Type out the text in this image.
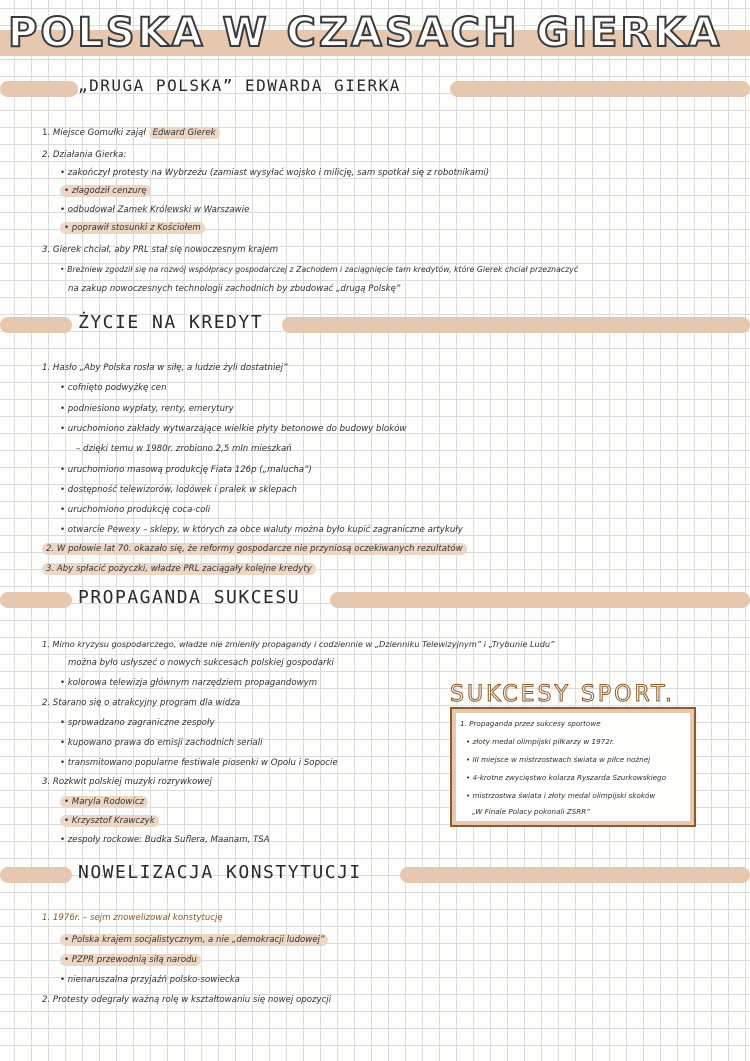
POLSKA W CZASACH GIERKA
„DRUGA POLSKA” EDWARDA GIERKA
1. Miejsce Gomułki zajął Edward Gierek
2. Działania Gierka:
• zakończył protesty na Wybrzeżu (zamiast wysyłać wojsko i milicję, sam spotkał się z robotnikami)
• złagodził cenzurę
• odbudował Zamek Królewski w Warszawie
• poprawił stosunki z Kościołem
3. Gierek chciał, aby PRL stał się nowoczesnym krajem
• Breżniew zgodził się na rozwój współpracy gospodarczej z Zachodem i zaciągnięcie tam kredytów, które Gierek chciał przeznaczyć
na zakup nowoczesnych technologii zachodnich by zbudować „drugą Polskę”
ŻYCIE NA KREDYT
1. Hasło „Aby Polska rosła w siłę, a ludzie żyli dostatniej”
• cofnięto podwyżkę cen
• podniesiono wypłaty, renty, emerytury
• uruchomiono zakłady wytwarzające wielkie płyty betonowe do budowy bloków
– dzięki temu w 1980r. zrobiono 2,5 mln mieszkań
• uruchomiono masową produkcję Fiata 126p („maluchа”)
• dostępność telewizorów, lodówek i pralek w sklepach
• uruchomiono produkcję coca-coli
• otwarcie Pewexy – sklepy, w których za obce waluty można było kupić zagraniczne artykuły
2. W połowie lat 70. okazało się, że reformy gospodarcze nie przyniosą oczekiwanych rezultatów
3. Aby spłacić pożyczki, władze PRL zaciągały kolejne kredyty
PROPAGANDA SUKCESU
1. Mimo kryzysu gospodarczego, władze nie zmieniły propagandy i codziennie w „Dzienniku Telewizyjnym” i „Trybunie Ludu”
można było usłyszeć o nowych sukcesach polskiej gospodarki
• kolorowa telewizja głównym narzędziem propagandowym
2. Starano się o atrakcyjny program dla widza
• sprowadzano zagraniczne zespoły
• kupowano prawa do emisji zachodnich seriali
• transmitowano popularne festiwale piosenki w Opolu i Sopocie
3. Rozkwit polskiej muzyki rozrywkowej
• Maryla Rodowicz
• Krzysztof Krawczyk
• zespoły rockowe: Budka Suflera, Maanam, TSA
SUKCESY SPORT.
1. Propaganda przez sukcesy sportowe
• złoty medal olimpijski piłkarzy w 1972r.
• III miejsce w mistrzostwach świata w piłce nożnej
• 4-krotne zwycięstwo kolarza Ryszarda Szurkowskiego
• mistrzostwa świata i złoty medal olimpijski skoków
„W Finale Polacy pokonali ZSRR”
NOWELIZACJA KONSTYTUCJI
1. 1976r. – sejm znowelizował konstytucję
• Polska krajem socjalistycznym, a nie „demokracji ludowej”
• PZPR przewodnią siłą narodu
• nienaruszalna przyjaźń polsko-sowiecka
2. Protesty odegrały ważną rolę w kształtowaniu się nowej opozycji
